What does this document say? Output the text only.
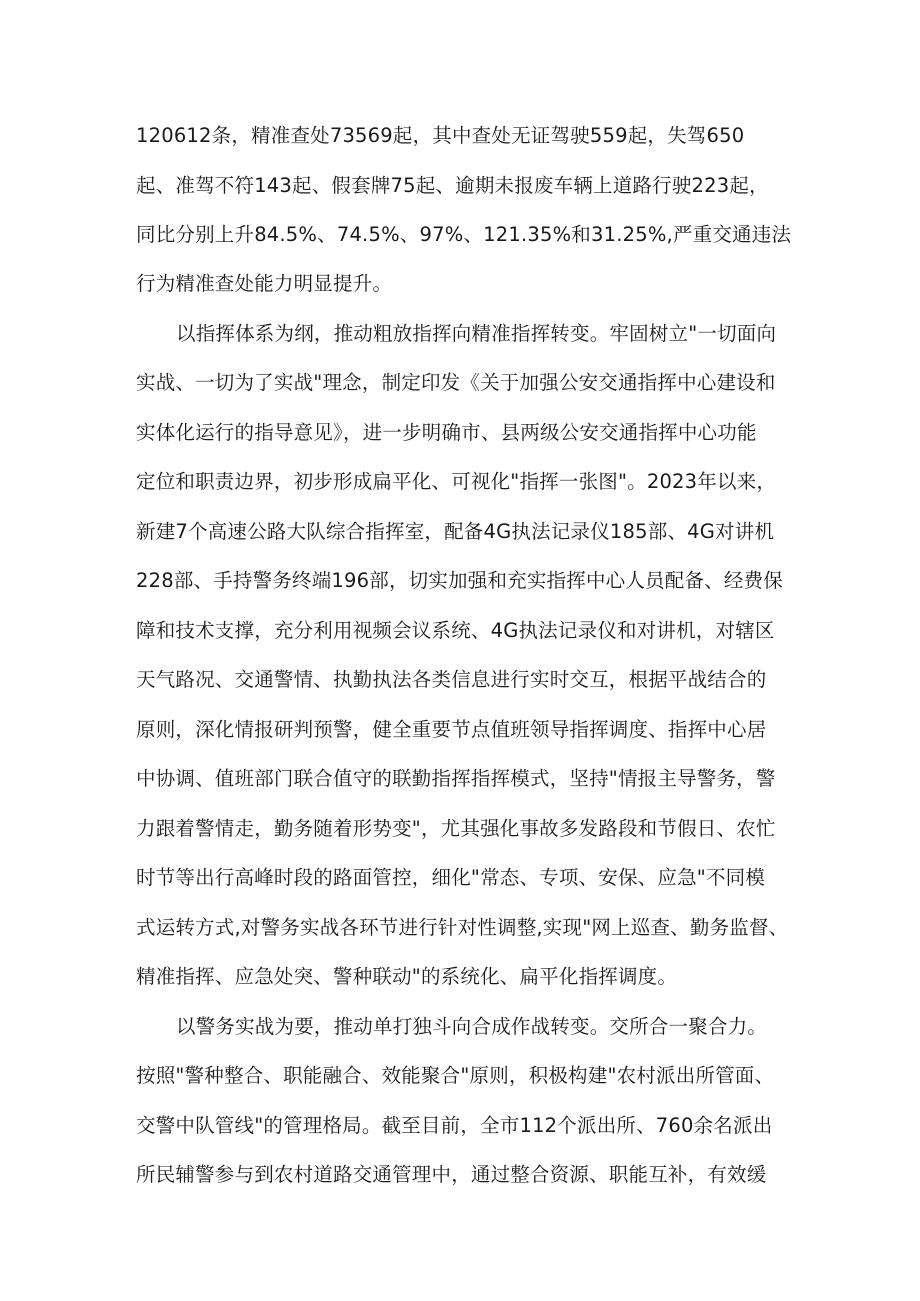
120612条，精准查处73569起，其中查处无证驾驶559起，失驾650
起、准驾不符143起、假套牌75起、逾期未报废车辆上道路行驶223起，
同比分别上升84.5%、74.5%、97%、121.35%和31.25%,严重交通违法
行为精准查处能力明显提升。
以指挥体系为纲，推动粗放指挥向精准指挥转变。牢固树立"一切面向
实战、一切为了实战"理念，制定印发《关于加强公安交通指挥中心建设和
实体化运行的指导意见》，进一步明确市、县两级公安交通指挥中心功能
定位和职责边界，初步形成扁平化、可视化"指挥一张图"。2023年以来，
新建7个高速公路大队综合指挥室，配备4G执法记录仪185部、4G对讲机
228部、手持警务终端196部，切实加强和充实指挥中心人员配备、经费保
障和技术支撑，充分利用视频会议系统、4G执法记录仪和对讲机，对辖区
天气路况、交通警情、执勤执法各类信息进行实时交互，根据平战结合的
原则，深化情报研判预警，健全重要节点值班领导指挥调度、指挥中心居
中协调、值班部门联合值守的联勤指挥指挥模式，坚持"情报主导警务，警
力跟着警情走，勤务随着形势变"，尤其强化事故多发路段和节假日、农忙
时节等出行高峰时段的路面管控，细化"常态、专项、安保、应急"不同模
式运转方式,对警务实战各环节进行针对性调整,实现"网上巡查、勤务监督、
精准指挥、应急处突、警种联动"的系统化、扁平化指挥调度。
以警务实战为要，推动单打独斗向合成作战转变。交所合一聚合力。
按照"警种整合、职能融合、效能聚合"原则，积极构建"农村派出所管面、
交警中队管线"的管理格局。截至目前，全市112个派出所、760余名派出
所民辅警参与到农村道路交通管理中，通过整合资源、职能互补，有效缓
